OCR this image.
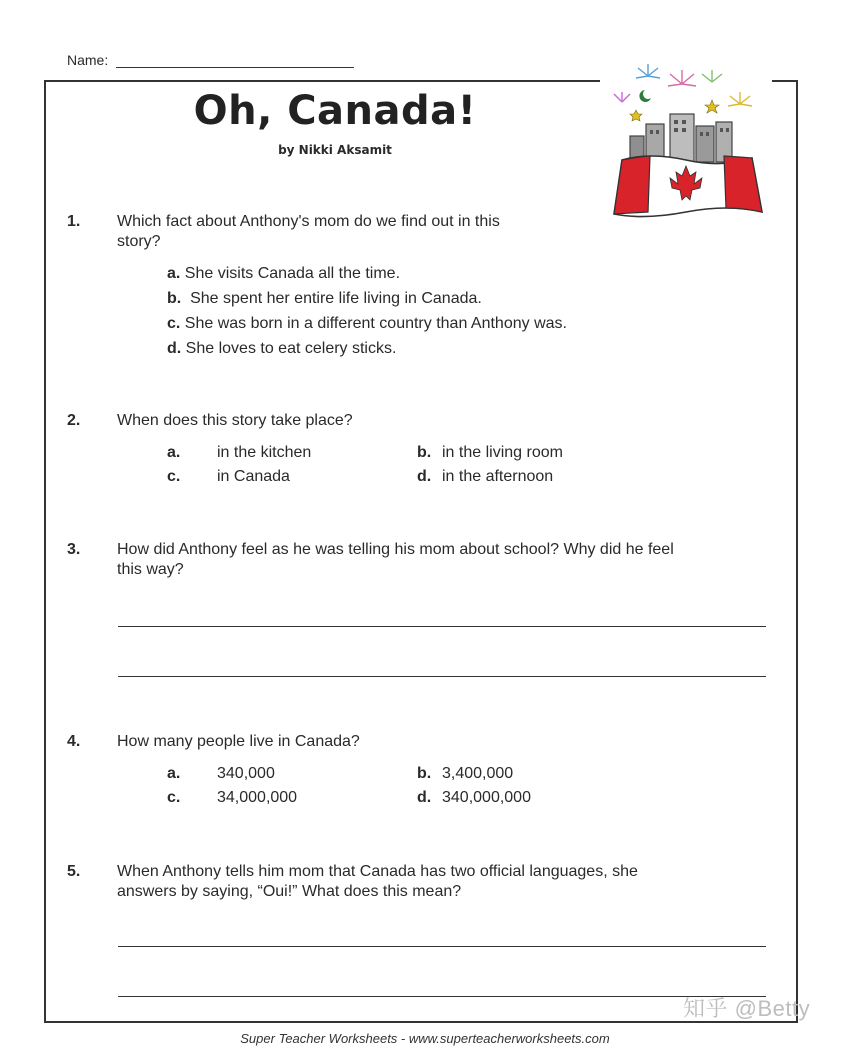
Name:
Oh, Canada!
by Nikki Aksamit
1.	Which fact about Anthony's mom do we find out in this
story?
a. She visits Canada all the time.
b. She spent her entire life living in Canada.
c. She was born in a different country than Anthony was.
d. She loves to eat celery sticks.
2.	When does this story take place?
a. in the kitchen	b. in the living room
c. in Canada	d. in the afternoon
3.	How did Anthony feel as he was telling his mom about school? Why did he feel
this way?
4.	How many people live in Canada?
a. 340,000	b. 3,400,000
c. 34,000,000	d. 340,000,000
5.	When Anthony tells him mom that Canada has two official languages, she
answers by saying, “Oui!” What does this mean?
知乎 @Betty
Super Teacher Worksheets - www.superteacherworksheets.com
